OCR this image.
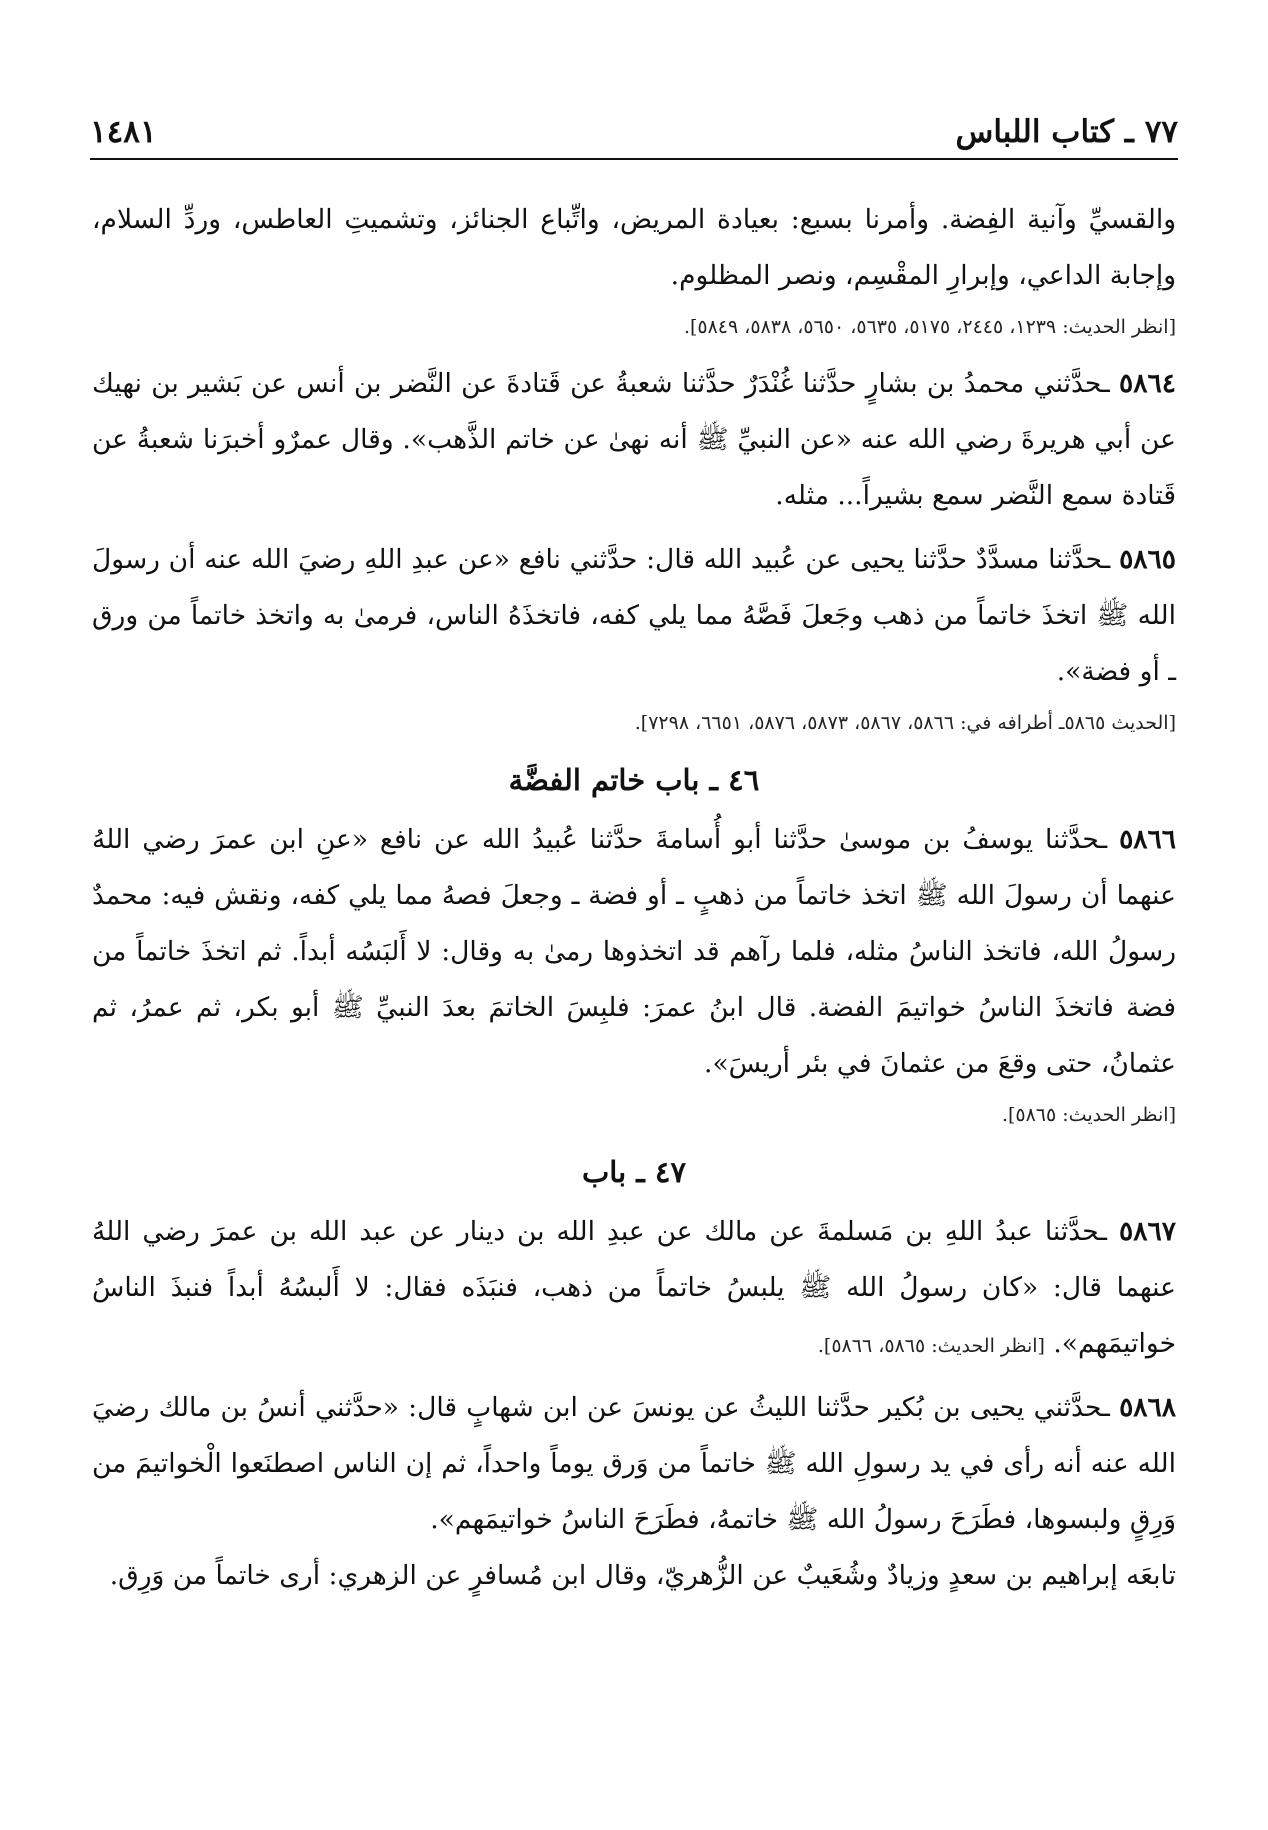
٧٧ ـ كتاب اللباس
١٤٨١

والقسيِّ وآنية الفِضة. وأمرنا بسبع: بعيادة المريض، واتِّباع الجنائز، وتشميتِ العاطس، وردِّ السلام، وإجابة الداعي، وإبرارِ المقْسِم، ونصر المظلوم.

[انظر الحديث: ١٢٣٩، ٢٤٤٥، ٥١٧٥، ٥٦٣٥، ٥٦٥٠، ٥٨٣٨، ٥٨٤٩].

٥٨٦٤ ـحدَّثني محمدُ بن بشارٍ حدَّثنا غُنْدَرٌ حدَّثنا شعبةُ عن قَتادةَ عن النَّضر بن أنس عن بَشير بن نهيك عن أبي هريرةَ رضي الله عنه «عن النبيِّ ﷺ أنه نهىٰ عن خاتم الذَّهب». وقال عمرٌو أخبرَنا شعبةُ عن قَتادة سمع النَّضر سمع بشيراً... مثله.

٥٨٦٥ ـحدَّثنا مسدَّدٌ حدَّثنا يحيى عن عُبيد الله قال: حدَّثني نافع «عن عبدِ اللهِ رضيَ الله عنه أن رسولَ الله ﷺ اتخذَ خاتماً من ذهب وجَعلَ فَصَّهُ مما يلي كفه، فاتخذَهُ الناس، فرمىٰ به واتخذ خاتماً من ورق ـ أو فضة».

[الحديث ٥٨٦٥ـ أطرافه في: ٥٨٦٦، ٥٨٦٧، ٥٨٧٣، ٥٨٧٦، ٦٦٥١، ٧٢٩٨].
٤٦ ـ باب خاتم الفضَّة

٥٨٦٦ ـحدَّثنا يوسفُ بن موسىٰ حدَّثنا أبو أُسامةَ حدَّثنا عُبيدُ الله عن نافع «عنِ ابن عمرَ رضي اللهُ عنهما أن رسولَ الله ﷺ اتخذ خاتماً من ذهبٍ ـ أو فضة ـ وجعلَ فصهُ مما يلي كفه، ونقش فيه: محمدٌ رسولُ الله، فاتخذ الناسُ مثله، فلما رآهم قد اتخذوها رمىٰ به وقال: لا أَلبَسُه أبداً. ثم اتخذَ خاتماً من فضة فاتخذَ الناسُ خواتيمَ الفضة. قال ابنُ عمرَ: فلبِسَ الخاتمَ بعدَ النبيِّ ﷺ أبو بكر، ثم عمرُ، ثم عثمانُ، حتى وقعَ من عثمانَ في بئر أريسَ».

[انظر الحديث: ٥٨٦٥].
٤٧ ـ باب

٥٨٦٧ ـحدَّثنا عبدُ اللهِ بن مَسلمةَ عن مالك عن عبدِ الله بن دينار عن عبد الله بن عمرَ رضي اللهُ عنهما قال: «كان رسولُ الله ﷺ يلبسُ خاتماً من ذهب، فنبَذَه فقال: لا أَلبسُهُ أبداً فنبذَ الناسُ خواتيمَهم». [انظر الحديث: ٥٨٦٥، ٥٨٦٦].

٥٨٦٨ ـحدَّثني يحيى بن بُكير حدَّثنا الليثُ عن يونسَ عن ابن شهابٍ قال: «حدَّثني أنسُ بن مالك رضيَ الله عنه أنه رأى في يد رسولِ الله ﷺ خاتماً من وَرق يوماً واحداً، ثم إن الناس اصطنَعوا الْخواتيمَ من وَرِقٍ ولبسوها، فطَرَحَ رسولُ الله ﷺ خاتمهُ، فطَرَحَ الناسُ خواتيمَهم».

تابعَه إبراهيم بن سعدٍ وزيادٌ وشُعَيبٌ عن الزُّهريّ، وقال ابن مُسافرٍ عن الزهري: أرى خاتماً من وَرِق.
